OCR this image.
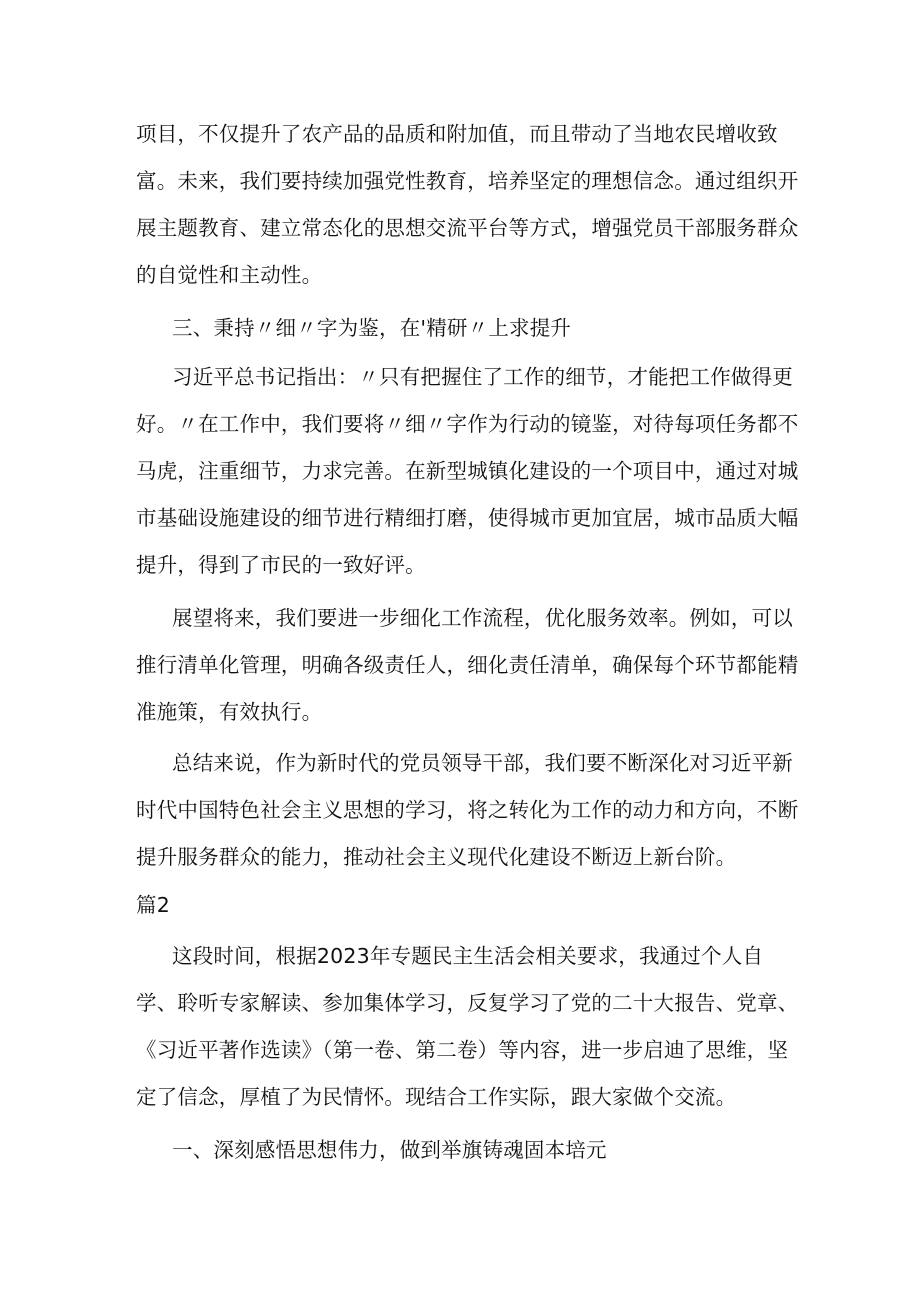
项目，不仅提升了农产品的品质和附加值，而且带动了当地农民增收致
富。未来，我们要持续加强党性教育，培养坚定的理想信念。通过组织开
展主题教育、建立常态化的思想交流平台等方式，增强党员干部服务群众
的自觉性和主动性。
三、秉持〃细〃字为鉴，在'精研〃上求提升
习近平总书记指出：〃只有把握住了工作的细节，才能把工作做得更
好。〃在工作中，我们要将〃细〃字作为行动的镜鉴，对待每项任务都不
马虎，注重细节，力求完善。在新型城镇化建设的一个项目中，通过对城
市基础设施建设的细节进行精细打磨，使得城市更加宜居，城市品质大幅
提升，得到了市民的一致好评。
展望将来，我们要进一步细化工作流程，优化服务效率。例如，可以
推行清单化管理，明确各级责任人，细化责任清单，确保每个环节都能精
准施策，有效执行。
总结来说，作为新时代的党员领导干部，我们要不断深化对习近平新
时代中国特色社会主义思想的学习，将之转化为工作的动力和方向，不断
提升服务群众的能力，推动社会主义现代化建设不断迈上新台阶。
篇2
这段时间，根据2023年专题民主生活会相关要求，我通过个人自
学、聆听专家解读、参加集体学习，反复学习了党的二十大报告、党章、
《习近平著作选读》（第一卷、第二卷）等内容，进一步启迪了思维，坚
定了信念，厚植了为民情怀。现结合工作实际，跟大家做个交流。
一、深刻感悟思想伟力，做到举旗铸魂固本培元
